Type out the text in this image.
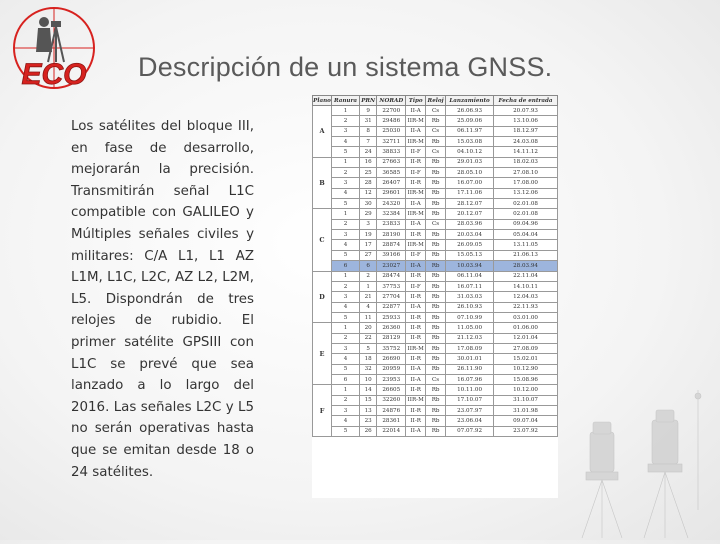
ECO Descripción de un sistema GNSS.
Los satélites del bloque III, en fase de desarrollo, mejorarán la precisión. Transmitirán señal L1C compatible con GALILEO y Múltiples señales civiles y militares: C/A L1, L1 AZ L1M, L1C, L2C, AZ L2, L2M, L5. Dispondrán de tres relojes de rubidio. El primer satélite GPSIII con L1C se prevé que sea lanzado a lo largo del 2016. Las señales L2C y L5 no serán operativas hasta que se emitan desde 18 o 24 satélites.
Plano	Ranura	PRN	NORAD	Tipo	Reloj	Lanzamiento	Fecha de entrada
A	1	9	22700	II-A	Cs	26.06.93	20.07.93
	2	31	29486	IIR-M	Rb	25.09.06	13.10.06
	3	8	25030	II-A	Cs	06.11.97	18.12.97
	4	7	32711	IIR-M	Rb	15.03.08	24.03.08
	5	24	38833	II-F	Cs	04.10.12	14.11.12
B	1	16	27663	II-R	Rb	29.01.03	18.02.03
	2	25	36585	II-F	Rb	28.05.10	27.08.10
	3	28	26407	II-R	Rb	16.07.00	17.08.00
	4	12	29601	IIR-M	Rb	17.11.06	13.12.06
	5	30	24320	II-A	Rb	28.12.07	02.01.08
C	1	29	32384	IIR-M	Rb	20.12.07	02.01.08
	2	3	23833	II-A	Cs	28.03.96	09.04.96
	3	19	28190	II-R	Rb	20.03.04	05.04.04
	4	17	28874	IIR-M	Rb	26.09.05	13.11.05
	5	27	39166	II-F	Rb	15.05.13	21.06.13
	6	6	23027	II-A	Rb	10.03.94	28.03.94
D	1	2	28474	II-R	Rb	06.11.04	22.11.04
	2	1	37753	II-F	Rb	16.07.11	14.10.11
	3	21	27704	II-R	Rb	31.03.03	12.04.03
	4	4	22877	II-A	Rb	26.10.93	22.11.93
	5	11	25933	II-R	Rb	07.10.99	03.01.00
E	1	20	26360	II-R	Rb	11.05.00	01.06.00
	2	22	28129	II-R	Rb	21.12.03	12.01.04
	3	5	35752	IIR-M	Rb	17.08.09	27.08.09
	4	18	26690	II-R	Rb	30.01.01	15.02.01
	5	32	20959	II-A	Rb	26.11.90	10.12.90
	6	10	23953	II-A	Cs	16.07.96	15.08.96
F	1	14	26605	II-R	Rb	10.11.00	10.12.00
	2	15	32260	IIR-M	Rb	17.10.07	31.10.07
	3	13	24876	II-R	Rb	23.07.97	31.01.98
	4	23	28361	II-R	Rb	23.06.04	09.07.04
	5	26	22014	II-A	Rb	07.07.92	23.07.92
